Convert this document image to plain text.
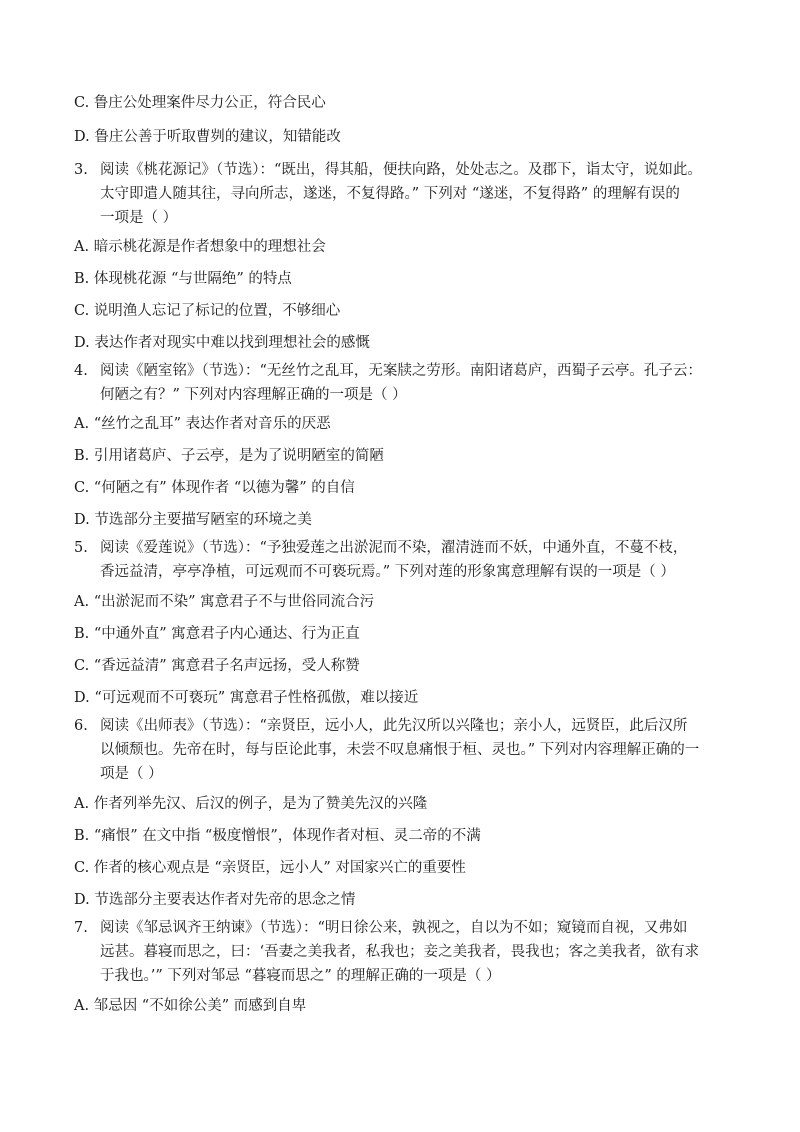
C. 鲁庄公处理案件尽力公正，符合民心
D. 鲁庄公善于听取曹刿的建议，知错能改
3. 阅读《桃花源记》（节选）：“既出，得其船，便扶向路，处处志之。及郡下，诣太守，说如此。
太守即遣人随其往，寻向所志，遂迷，不复得路。” 下列对 “遂迷，不复得路” 的理解有误的
一项是（ ）
A. 暗示桃花源是作者想象中的理想社会
B. 体现桃花源 “与世隔绝” 的特点
C. 说明渔人忘记了标记的位置，不够细心
D. 表达作者对现实中难以找到理想社会的感慨
4. 阅读《陋室铭》（节选）：“无丝竹之乱耳，无案牍之劳形。南阳诸葛庐，西蜀子云亭。孔子云：
何陋之有？” 下列对内容理解正确的一项是（ ）
A. “丝竹之乱耳” 表达作者对音乐的厌恶
B. 引用诸葛庐、子云亭，是为了说明陋室的简陋
C. “何陋之有” 体现作者 “以德为馨” 的自信
D. 节选部分主要描写陋室的环境之美
5. 阅读《爱莲说》（节选）：“予独爱莲之出淤泥而不染，濯清涟而不妖，中通外直，不蔓不枝，
香远益清，亭亭净植，可远观而不可亵玩焉。” 下列对莲的形象寓意理解有误的一项是（ ）
A. “出淤泥而不染” 寓意君子不与世俗同流合污
B. “中通外直” 寓意君子内心通达、行为正直
C. “香远益清” 寓意君子名声远扬，受人称赞
D. “可远观而不可亵玩” 寓意君子性格孤傲，难以接近
6. 阅读《出师表》（节选）：“亲贤臣，远小人，此先汉所以兴隆也；亲小人，远贤臣，此后汉所
以倾颓也。先帝在时，每与臣论此事，未尝不叹息痛恨于桓、灵也。” 下列对内容理解正确的一
项是（ ）
A. 作者列举先汉、后汉的例子，是为了赞美先汉的兴隆
B. “痛恨” 在文中指 “极度憎恨”，体现作者对桓、灵二帝的不满
C. 作者的核心观点是 “亲贤臣，远小人” 对国家兴亡的重要性
D. 节选部分主要表达作者对先帝的思念之情
7. 阅读《邹忌讽齐王纳谏》（节选）：“明日徐公来，孰视之，自以为不如；窥镜而自视，又弗如
远甚。暮寝而思之，曰：‘吾妻之美我者，私我也；妾之美我者，畏我也；客之美我者，欲有求
于我也。’” 下列对邹忌 “暮寝而思之” 的理解正确的一项是（ ）
A. 邹忌因 “不如徐公美” 而感到自卑
